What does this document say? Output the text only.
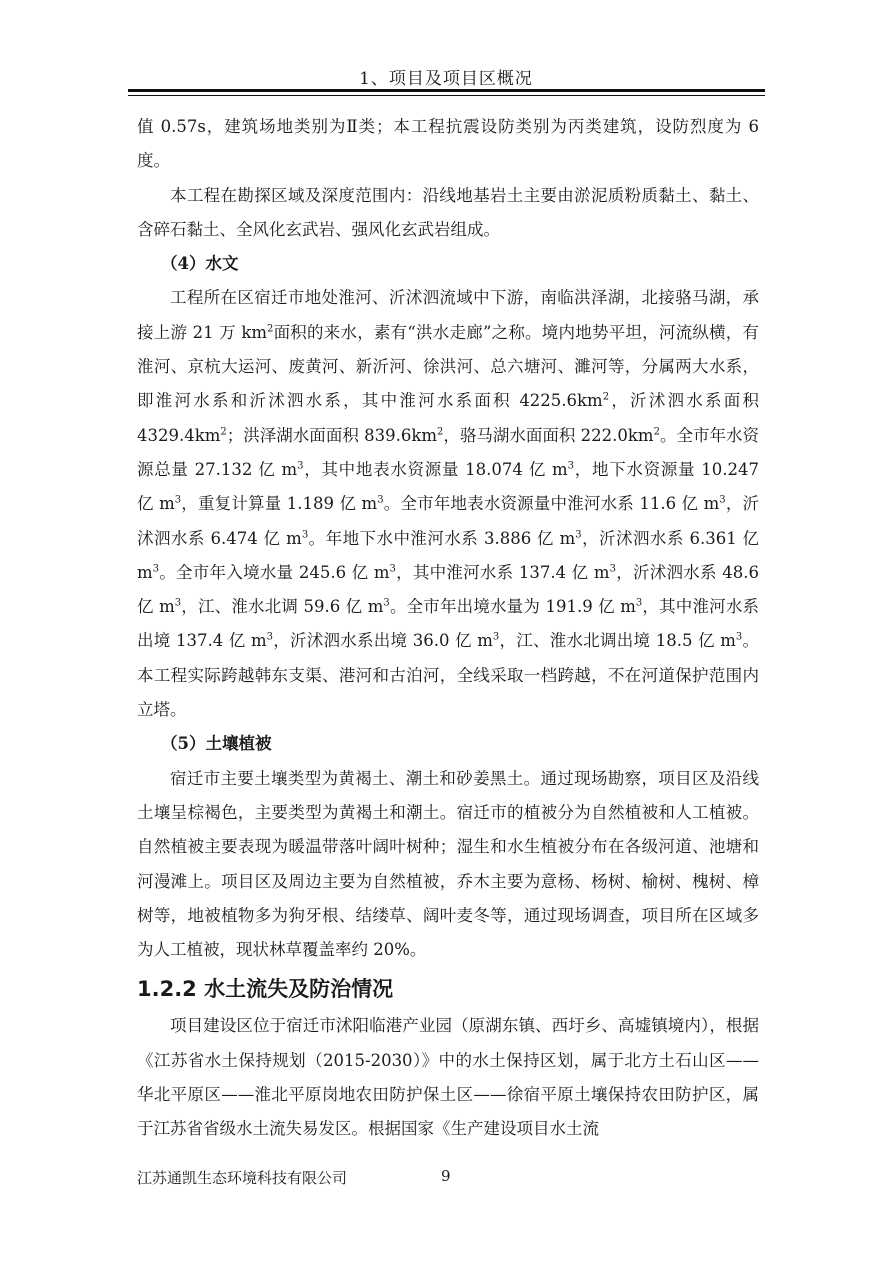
1、项目及项目区概况

值 0.57s，建筑场地类别为Ⅱ类；本工程抗震设防类别为丙类建筑，设防烈度为 6 度。

本工程在勘探区域及深度范围内：沿线地基岩土主要由淤泥质粉质黏土、黏土、含碎石黏土、全风化玄武岩、强风化玄武岩组成。

（4）水文

工程所在区宿迁市地处淮河、沂沭泗流域中下游，南临洪泽湖，北接骆马湖，承接上游 21 万 $km^2$面积的来水，素有“洪水走廊”之称。境内地势平坦，河流纵横，有淮河、京杭大运河、废黄河、新沂河、徐洪河、总六塘河、濉河等，分属两大水系，即淮河水系和沂沭泗水系，其中淮河水系面积 $4225.6km^2$，沂沭泗水系面积 $4329.4km^2$；洪泽湖水面面积 $839.6km^2$，骆马湖水面面积 $222.0km^2$。全市年水资源总量 27.132 亿 $m^3$，其中地表水资源量 18.074 亿 $m^3$，地下水资源量 10.247 亿 $m^3$，重复计算量 1.189 亿 $m^3$。全市年地表水资源量中淮河水系 11.6 亿 $m^3$，沂沭泗水系 6.474 亿 $m^3$。年地下水中淮河水系 3.886 亿 $m^3$，沂沭泗水系 6.361 亿 $m^3$。全市年入境水量 245.6 亿 $m^3$，其中淮河水系 137.4 亿 $m^3$，沂沭泗水系 48.6 亿 $m^3$，江、淮水北调 59.6 亿 $m^3$。全市年出境水量为 191.9 亿 $m^3$，其中淮河水系出境 137.4 亿 $m^3$，沂沭泗水系出境 36.0 亿 $m^3$，江、淮水北调出境 18.5 亿 $m^3$。本工程实际跨越韩东支渠、港河和古泊河，全线采取一档跨越，不在河道保护范围内立塔。

（5）土壤植被

宿迁市主要土壤类型为黄褐土、潮土和砂姜黑土。通过现场勘察，项目区及沿线土壤呈棕褐色，主要类型为黄褐土和潮土。宿迁市的植被分为自然植被和人工植被。自然植被主要表现为暖温带落叶阔叶树种；湿生和水生植被分布在各级河道、池塘和河漫滩上。项目区及周边主要为自然植被，乔木主要为意杨、杨树、榆树、槐树、樟树等，地被植物多为狗牙根、结缕草、阔叶麦冬等，通过现场调查，项目所在区域多为人工植被，现状林草覆盖率约 20%。

1.2.2 水土流失及防治情况

项目建设区位于宿迁市沭阳临港产业园（原湖东镇、西圩乡、高墟镇境内），根据《江苏省水土保持规划（2015-2030）》中的水土保持区划，属于北方土石山区——华北平原区——淮北平原岗地农田防护保土区——徐宿平原土壤保持农田防护区，属于江苏省省级水土流失易发区。根据国家《生产建设项目水土流

江苏通凯生态环境科技有限公司	9
